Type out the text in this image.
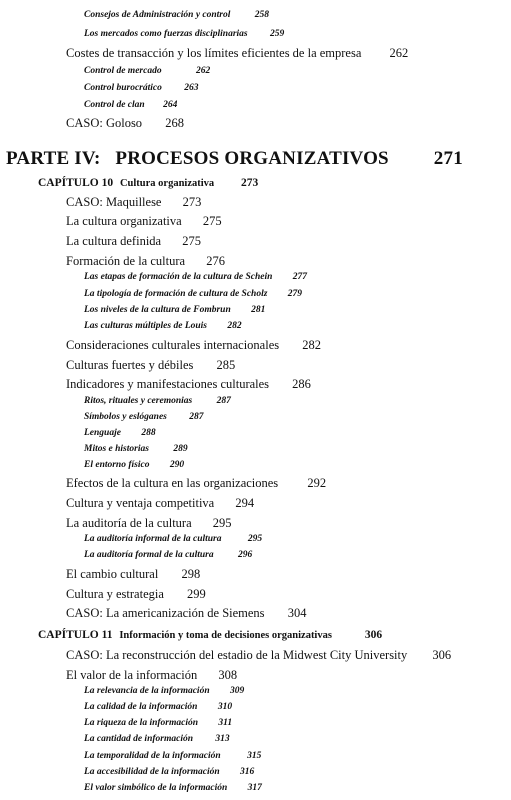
Consejos de Administración y control	258
Los mercados como fuerzas disciplinarias 259
Costes de transacción y los límites eficientes de la empresa 262
Control de mercado	262
Control burocrático 263
Control de clan 264
CASO: Goloso 268
PARTE IV:   PROCESOS ORGANIZATIVOS 271
CAPÍTULO 10 Cultura organizativa 273
CASO: Maquillese 273
La cultura organizativa 275
La cultura definida 275
Formación de la cultura 276
Las etapas de formación de la cultura de Schein 277
La tipología de formación de cultura de Scholz 279
Los niveles de la cultura de Fombrun 281
Las culturas múltiples de Louis 282
Consideraciones culturales internacionales 282
Culturas fuertes y débiles 285
Indicadores y manifestaciones culturales 286
Ritos, rituales y ceremonias	287
Símbolos y eslóganes 287
Lenguaje 288
Mitos e historias	289
El entorno físico 290
Efectos de la cultura en las organizaciones 292
Cultura y ventaja competitiva 294
La auditoría de la cultura 295
La auditoría informal de la cultura	295
La auditoría formal de la cultura	296
El cambio cultural 298
Cultura y estrategia 299
CASO: La americanización de Siemens 304
CAPÍTULO 11 Información y toma de decisiones organizativas	306
CASO: La reconstrucción del estadio de la Midwest City University 306
El valor de la información 308
La relevancia de la información 309
La calidad de la información 310
La riqueza de la información 311
La cantidad de información 313
La temporalidad de la información	315
La accesibilidad de la información 316
El valor simbólico de la información 317
